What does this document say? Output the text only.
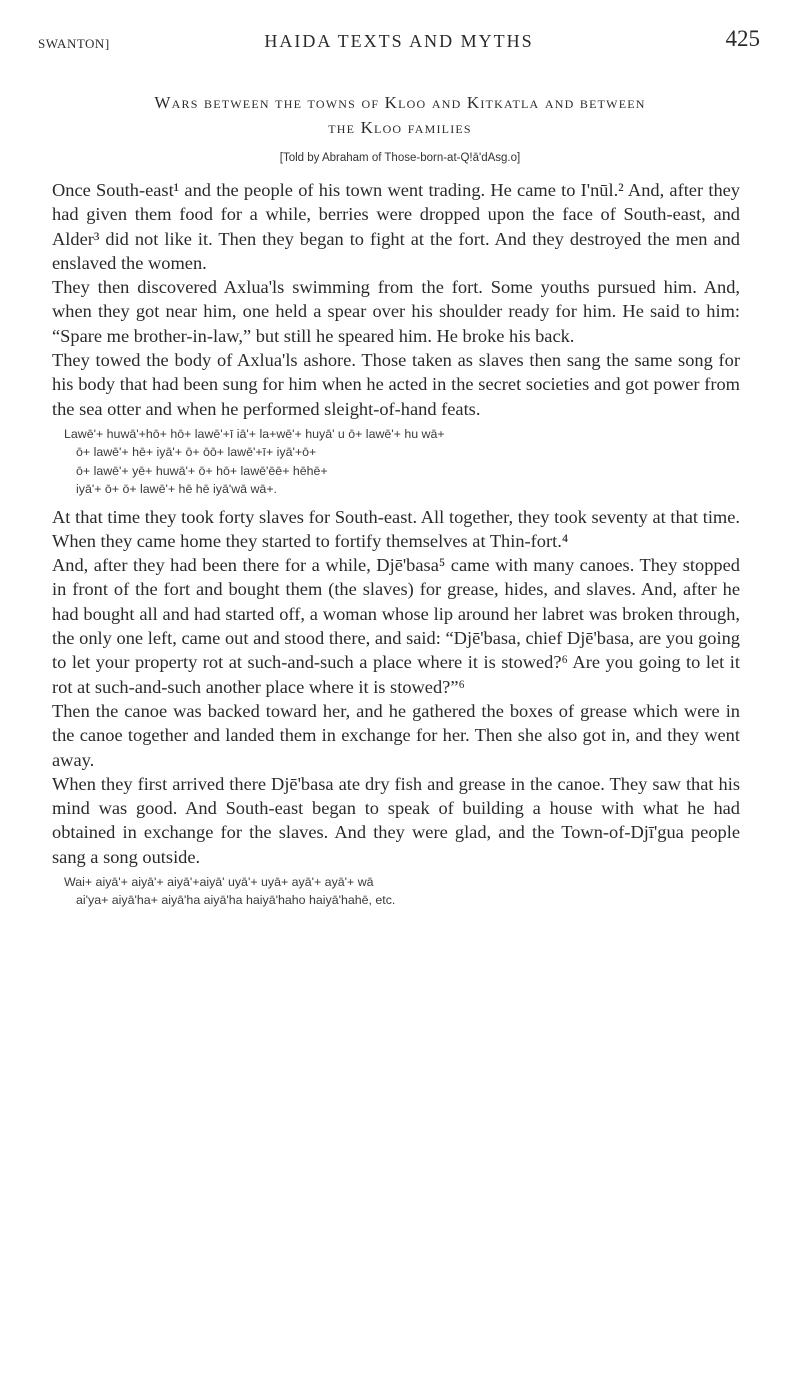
SWANTON]	HAIDA TEXTS AND MYTHS	425
Wars between the towns of Kloo and Kitkatla and between
the Kloo families
[Told by Abraham of Those-born-at-Q!ā'dAsg.o]

Once South-east¹ and the people of his town went trading. He came to I'nūl.² And, after they had given them food for a while, berries were dropped upon the face of South-east, and Alder³ did not like it. Then they began to fight at the fort. And they destroyed the men and enslaved the women.

They then discovered Axlua'ls swimming from the fort. Some youths pursued him. And, when they got near him, one held a spear over his shoulder ready for him. He said to him: “Spare me brother-in-law,” but still he speared him. He broke his back.

They towed the body of Axlua'ls ashore. Those taken as slaves then sang the same song for his body that had been sung for him when he acted in the secret societies and got power from the sea otter and when he performed sleight-of-hand feats.

Lawē'+ huwā'+hō+ hō+ lawē'+ī iā'+ la+wē'+ huyā' u ō+ lawē'+ hu wā+
ō+ lawē'+ hē+ iyā'+ ō+ ōō+ lawē'+ī+ iyā'+ō+
ō+ lawē'+ yē+ huwā'+ ō+ hō+ lawē'ēē+ hēhē+
iyā'+ ō+ ō+ lawē'+ hē hē iyā'wā wā+.

At that time they took forty slaves for South-east. All together, they took seventy at that time. When they came home they started to fortify themselves at Thin-fort.⁴

And, after they had been there for a while, Djē'basa⁵ came with many canoes. They stopped in front of the fort and bought them (the slaves) for grease, hides, and slaves. And, after he had bought all and had started off, a woman whose lip around her labret was broken through, the only one left, came out and stood there, and said: “Djē'basa, chief Djē'basa, are you going to let your property rot at such-and-such a place where it is stowed?⁶ Are you going to let it rot at such-and-such another place where it is stowed?”⁶

Then the canoe was backed toward her, and he gathered the boxes of grease which were in the canoe together and landed them in exchange for her. Then she also got in, and they went away.

When they first arrived there Djē'basa ate dry fish and grease in the canoe. They saw that his mind was good. And South-east began to speak of building a house with what he had obtained in exchange for the slaves. And they were glad, and the Town-of-Djī'gua people sang a song outside.

Wai+ aiyā'+ aiyā'+ aiyā'+aiyā' uyā'+ uyā+ ayā'+ ayā'+ wā
ai'ya+ aiyā'ha+ aiyā'ha aiyā'ha haiyā'haho haiyā'hahē, etc.
